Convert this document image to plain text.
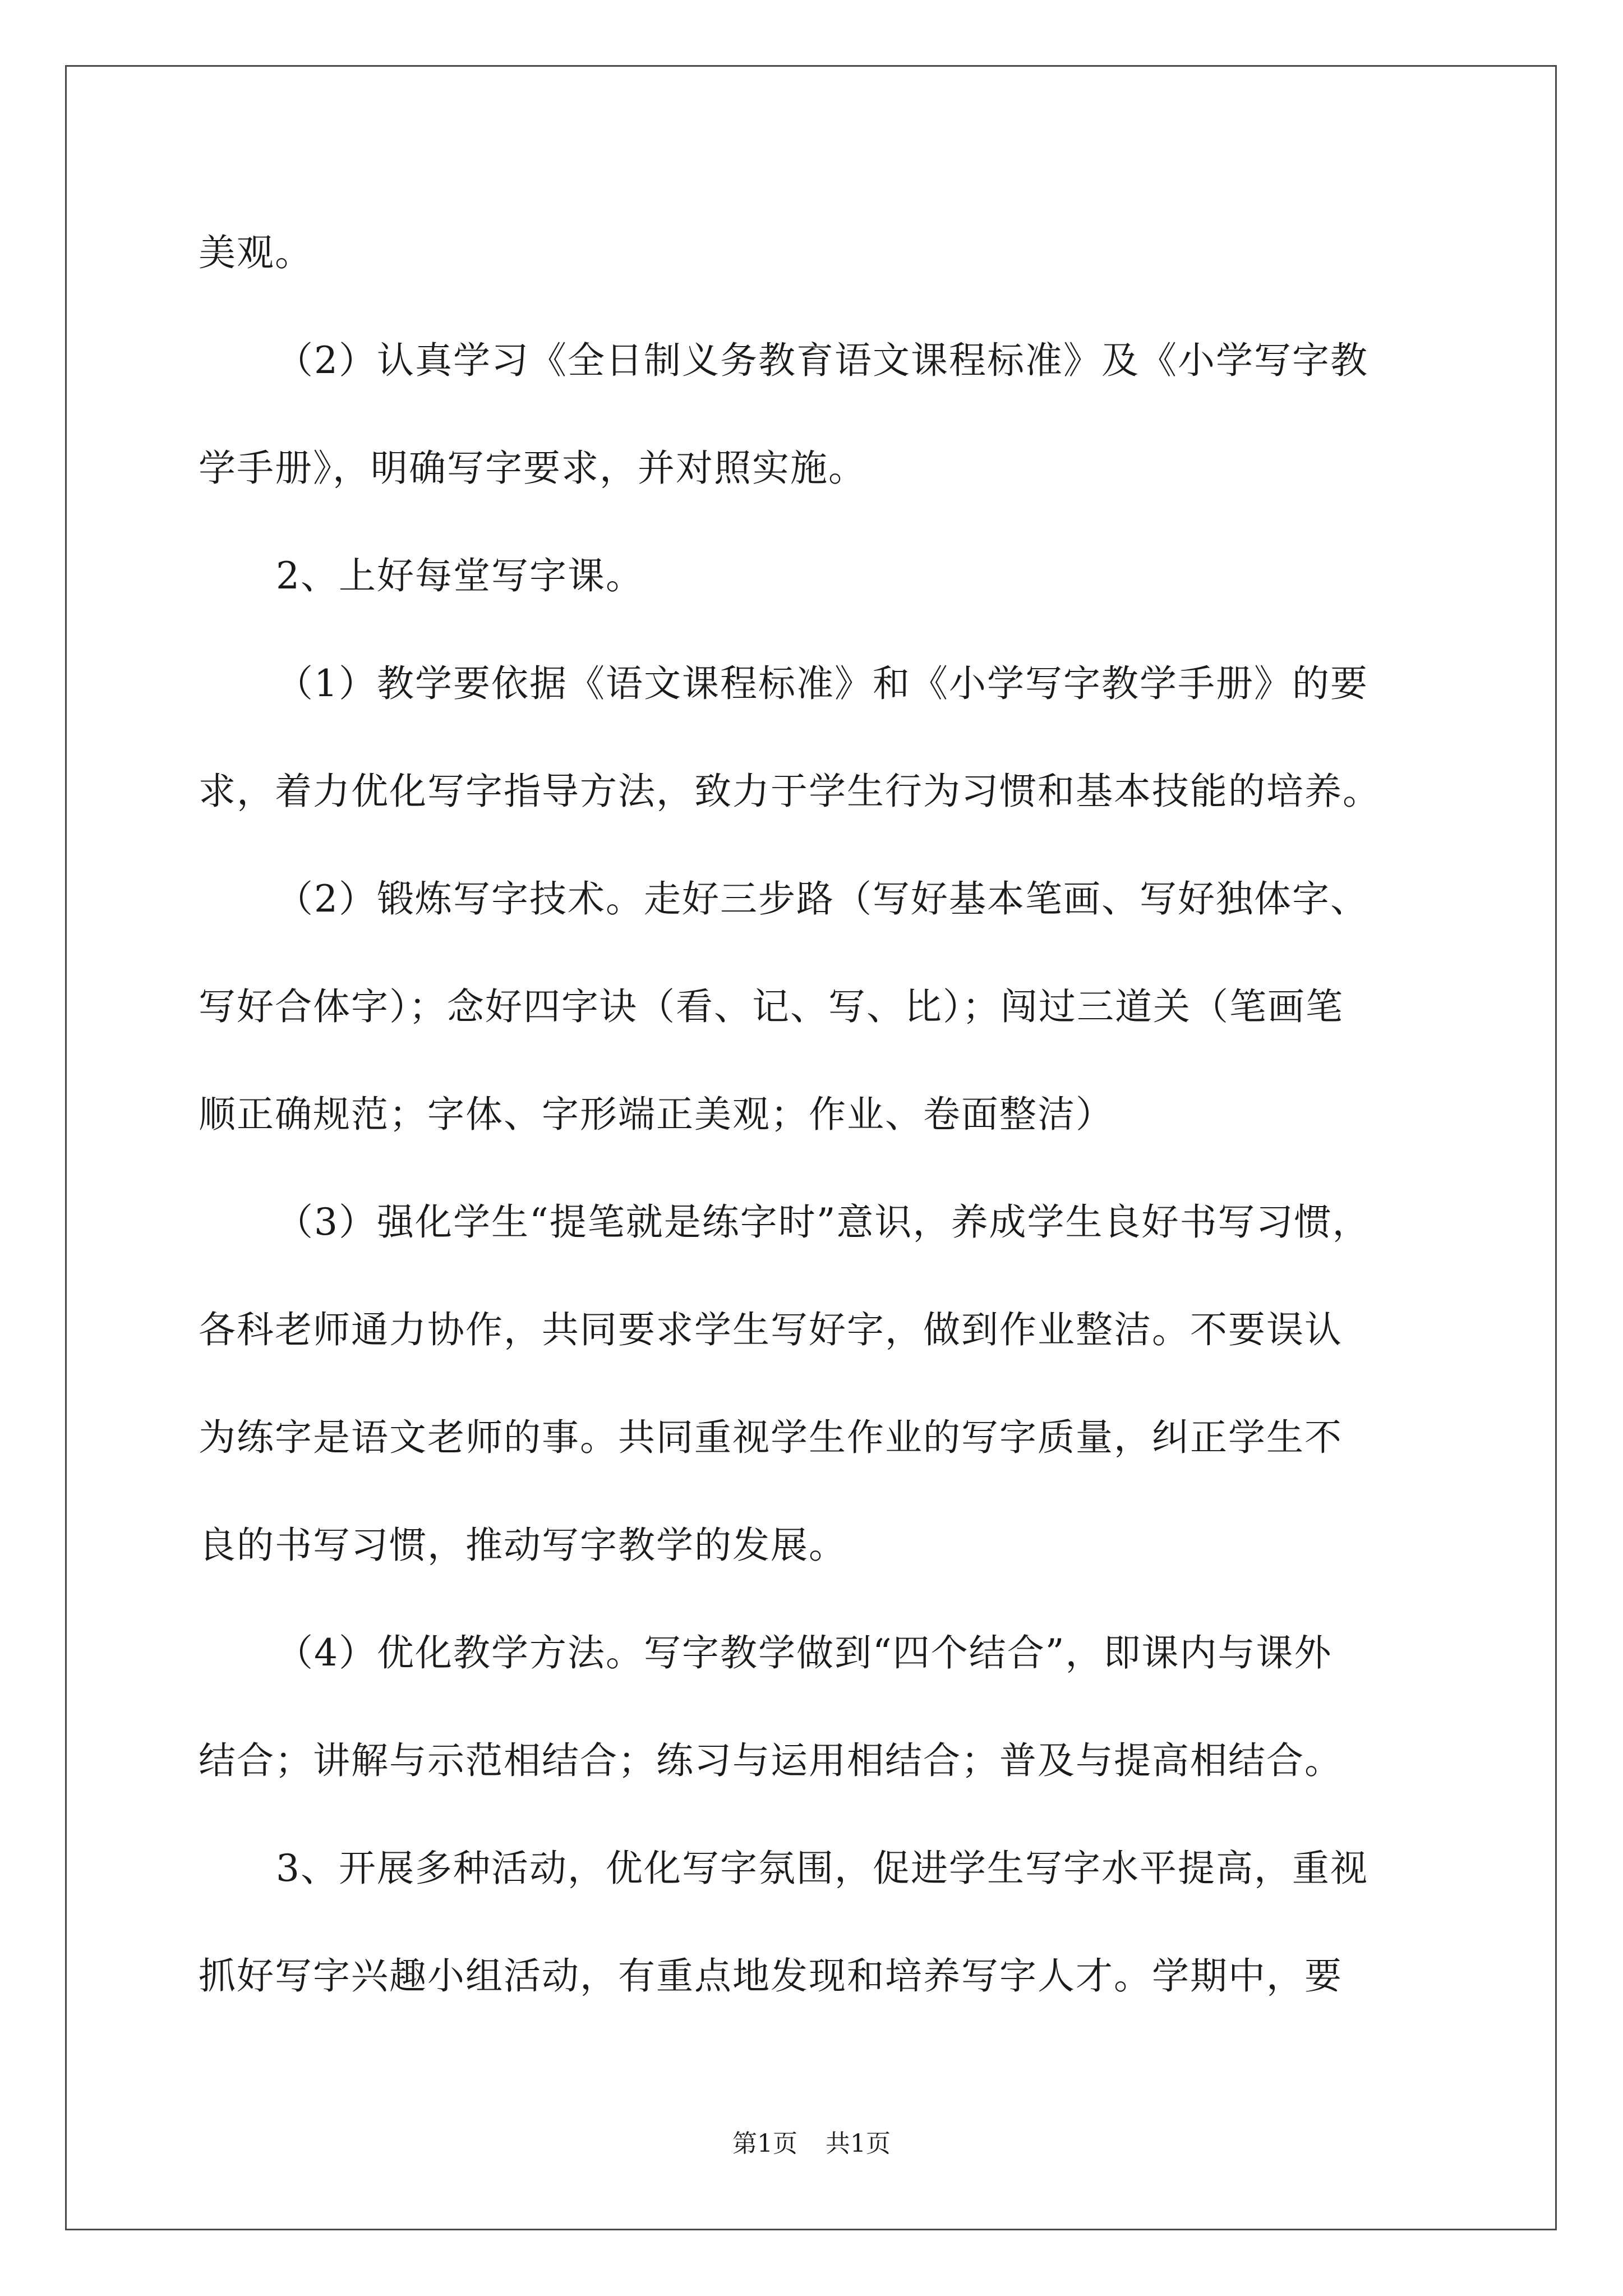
美观。
（2）认真学习《全日制义务教育语文课程标准》及《小学写字教
学手册》，明确写字要求，并对照实施。
2、上好每堂写字课。
（1）教学要依据《语文课程标准》和《小学写字教学手册》的要
求，着力优化写字指导方法，致力于学生行为习惯和基本技能的培养。
（2）锻炼写字技术。走好三步路（写好基本笔画、写好独体字、
写好合体字）；念好四字诀（看、记、写、比）；闯过三道关（笔画笔
顺正确规范；字体、字形端正美观；作业、卷面整洁）
（3）强化学生“提笔就是练字时”意识，养成学生良好书写习惯，
各科老师通力协作，共同要求学生写好字，做到作业整洁。不要误认
为练字是语文老师的事。共同重视学生作业的写字质量，纠正学生不
良的书写习惯，推动写字教学的发展。
（4）优化教学方法。写字教学做到“四个结合”，即课内与课外
结合；讲解与示范相结合；练习与运用相结合；普及与提高相结合。
3、开展多种活动，优化写字氛围，促进学生写字水平提高，重视
抓好写字兴趣小组活动，有重点地发现和培养写字人才。学期中，要
第1页 共1页
